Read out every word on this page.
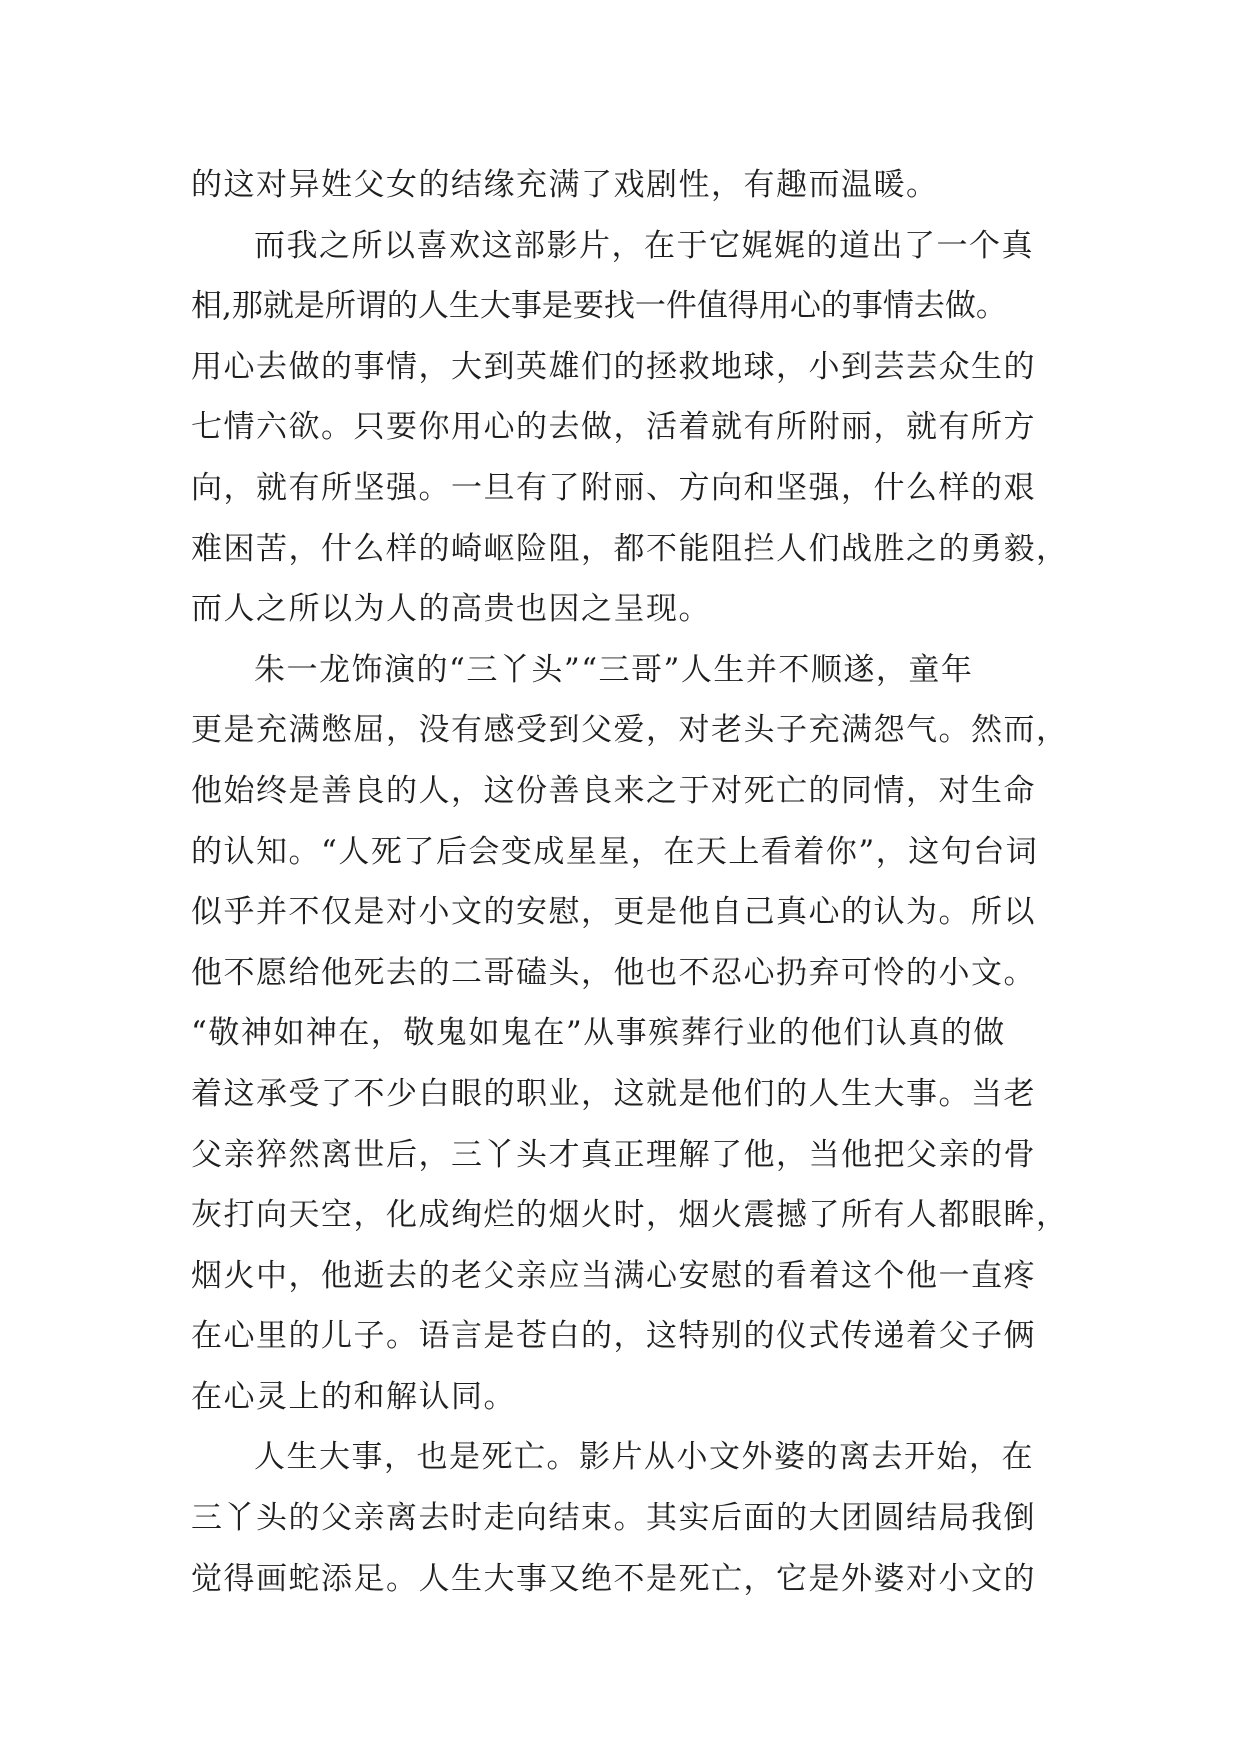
的这对异姓父女的结缘充满了戏剧性，有趣而温暖。
而我之所以喜欢这部影片，在于它娓娓的道出了一个真
相,那就是所谓的人生大事是要找一件值得用心的事情去做。
用心去做的事情，大到英雄们的拯救地球，小到芸芸众生的
七情六欲。只要你用心的去做，活着就有所附丽，就有所方
向，就有所坚强。一旦有了附丽、方向和坚强，什么样的艰
难困苦，什么样的崎岖险阻，都不能阻拦人们战胜之的勇毅，
而人之所以为人的高贵也因之呈现。
朱一龙饰演的“三丫头”“三哥”人生并不顺遂，童年
更是充满憋屈，没有感受到父爱，对老头子充满怨气。然而，
他始终是善良的人，这份善良来之于对死亡的同情，对生命
的认知。“人死了后会变成星星，在天上看着你”，这句台词
似乎并不仅是对小文的安慰，更是他自己真心的认为。所以
他不愿给他死去的二哥磕头，他也不忍心扔弃可怜的小文。
“敬神如神在，敬鬼如鬼在”从事殡葬行业的他们认真的做
着这承受了不少白眼的职业，这就是他们的人生大事。当老
父亲猝然离世后，三丫头才真正理解了他，当他把父亲的骨
灰打向天空，化成绚烂的烟火时，烟火震撼了所有人都眼眸，
烟火中，他逝去的老父亲应当满心安慰的看着这个他一直疼
在心里的儿子。语言是苍白的，这特别的仪式传递着父子俩
在心灵上的和解认同。
人生大事，也是死亡。影片从小文外婆的离去开始，在
三丫头的父亲离去时走向结束。其实后面的大团圆结局我倒
觉得画蛇添足。人生大事又绝不是死亡，它是外婆对小文的
